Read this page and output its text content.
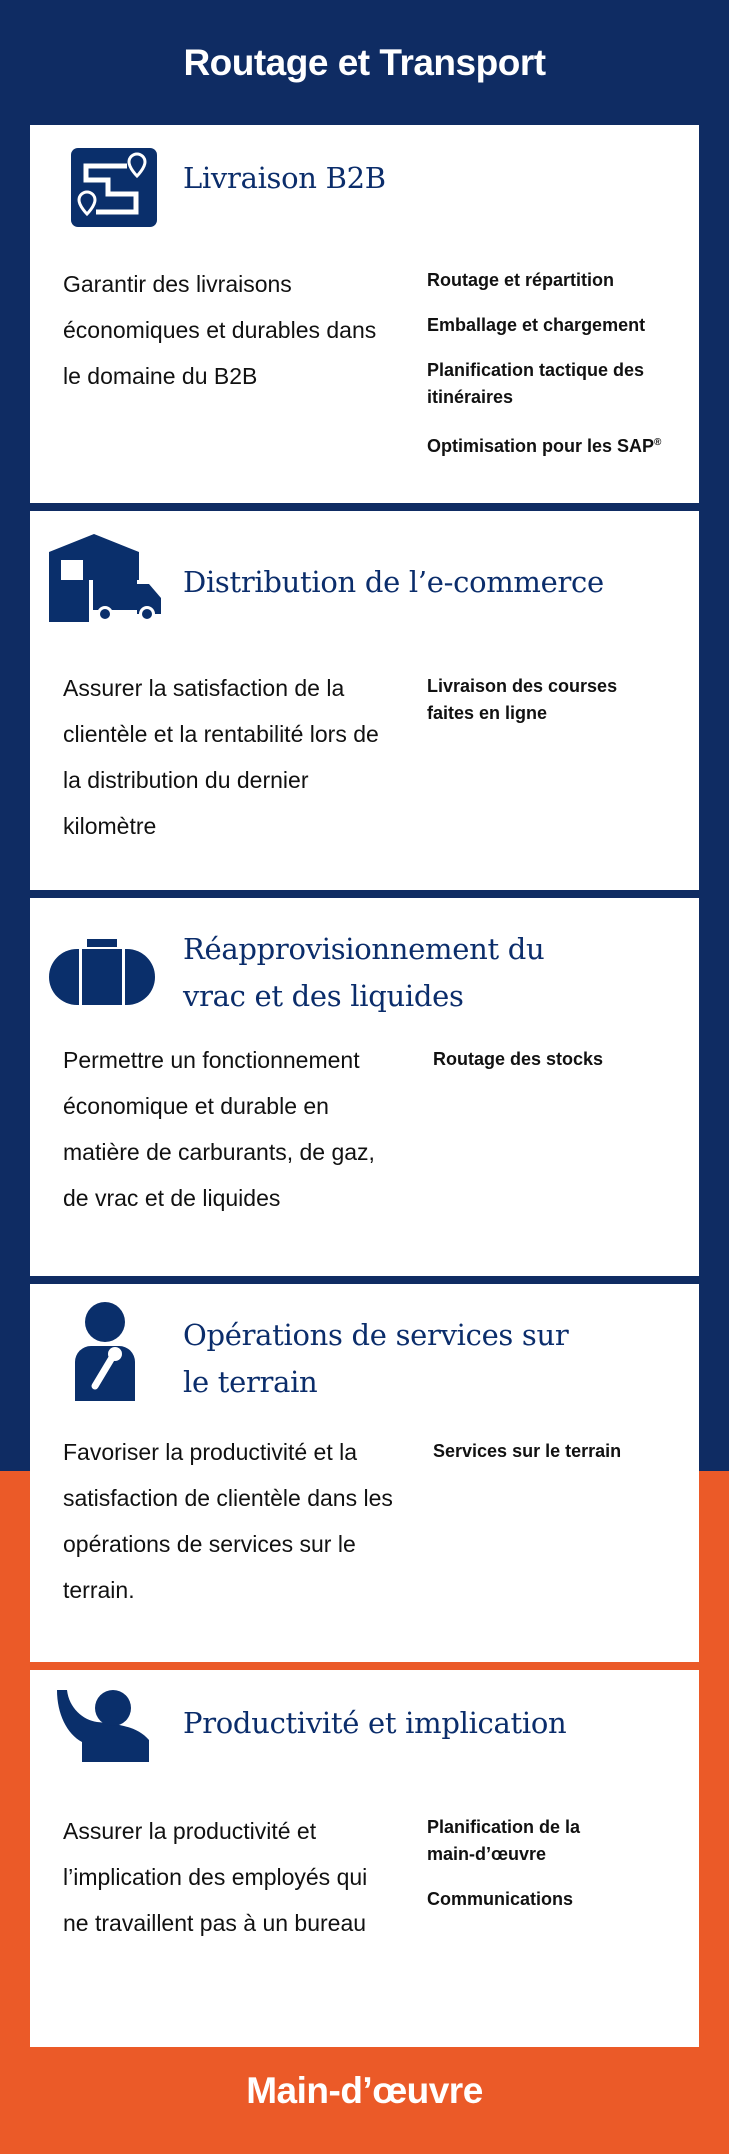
Routage et Transport
Livraison B2B

Garantir des livraisons économiques et durables dans le domaine du B2B

Routage et répartition
Emballage et chargement
Planification tactique des itinéraires
Optimisation pour les SAP®
Distribution de l’e-commerce

Assurer la satisfaction de la clientèle et la rentabilité lors de la distribution du dernier kilomètre

Livraison des courses faites en ligne
Réapprovisionnement du vrac et des liquides

Permettre un fonctionnement économique et durable en matière de carburants, de gaz, de vrac et de liquides

Routage des stocks
Opérations de services sur le terrain

Favoriser la productivité et la satisfaction de clientèle dans les opérations de services sur le terrain.

Services sur le terrain
Productivité et implication

Assurer la productivité et l’implication des employés qui ne travaillent pas à un bureau

Planification de la main-d’œuvre
Communications
Main-d’œuvre
